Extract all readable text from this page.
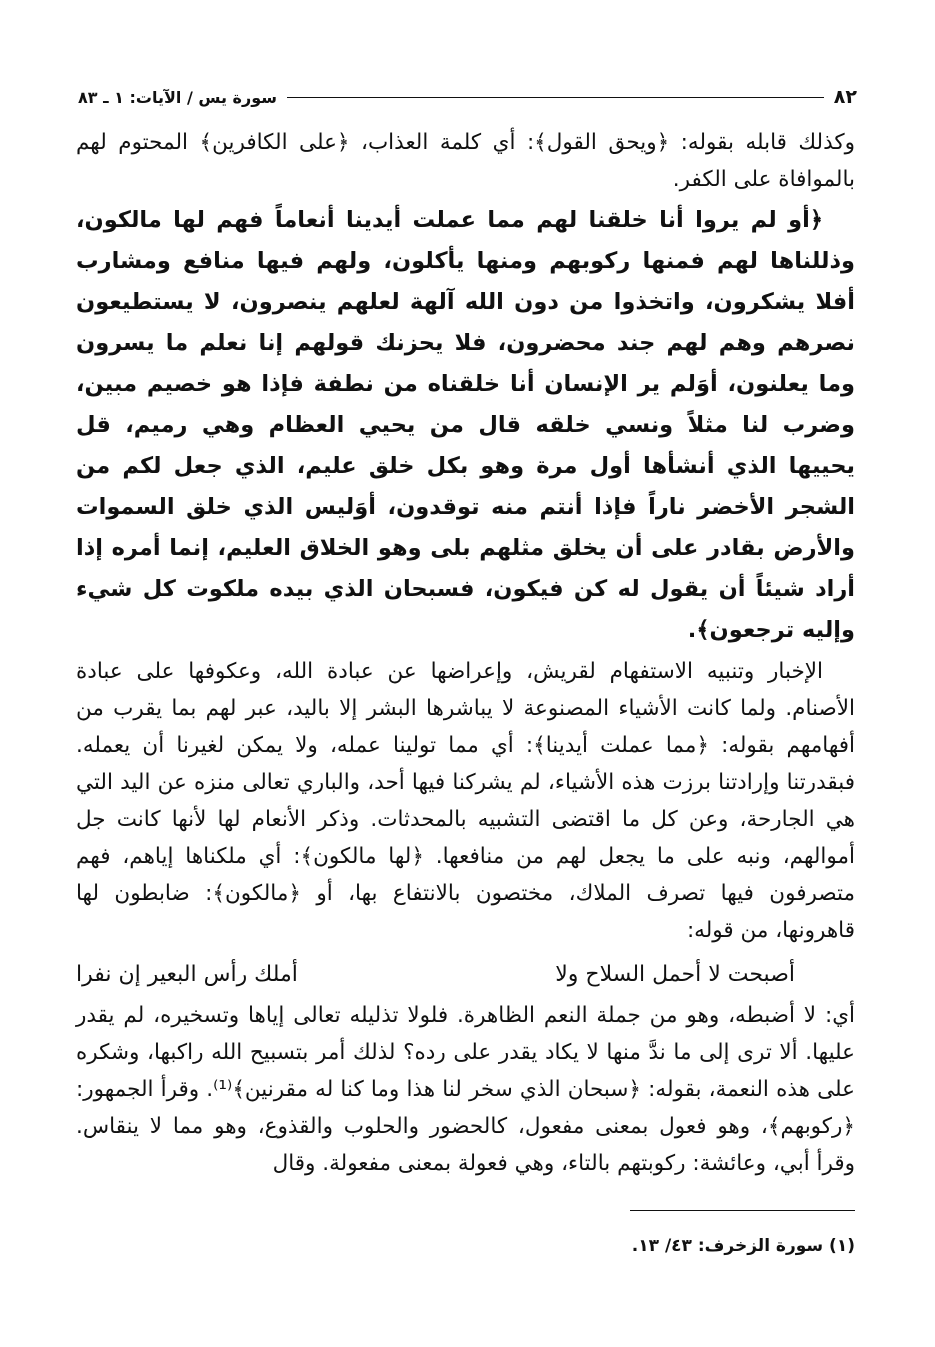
٨٢
سورة يس / الآيات: ١ ـ ٨٣

وكذلك قابله بقوله: ﴿ويحق القول﴾: أي كلمة العذاب، ﴿على الكافرين﴾ المحتوم لهم بالموافاة على الكفر.

﴿أو لم يروا أنا خلقنا لهم مما عملت أيدينا أنعاماً فهم لها مالكون، وذللناها لهم فمنها ركوبهم ومنها يأكلون، ولهم فيها منافع ومشارب أفلا يشكرون، واتخذوا من دون الله آلهة لعلهم ينصرون، لا يستطيعون نصرهم وهم لهم جند محضرون، فلا يحزنك قولهم إنا نعلم ما يسرون وما يعلنون، أوَلم ير الإنسان أنا خلقناه من نطفة فإذا هو خصيم مبين، وضرب لنا مثلاً ونسي خلقه قال من يحيي العظام وهي رميم، قل يحييها الذي أنشأها أول مرة وهو بكل خلق عليم، الذي جعل لكم من الشجر الأخضر ناراً فإذا أنتم منه توقدون، أوَليس الذي خلق السموات والأرض بقادر على أن يخلق مثلهم بلى وهو الخلاق العليم، إنما أمره إذا أراد شيئاً أن يقول له كن فيكون، فسبحان الذي بيده ملكوت كل شيء وإليه ترجعون﴾.

الإخبار وتنبيه الاستفهام لقريش، وإعراضها عن عبادة الله، وعكوفها على عبادة الأصنام. ولما كانت الأشياء المصنوعة لا يباشرها البشر إلا باليد، عبر لهم بما يقرب من أفهامهم بقوله: ﴿مما عملت أيدينا﴾: أي مما تولينا عمله، ولا يمكن لغيرنا أن يعمله. فبقدرتنا وإرادتنا برزت هذه الأشياء، لم يشركنا فيها أحد، والباري تعالى منزه عن اليد التي هي الجارحة، وعن كل ما اقتضى التشبيه بالمحدثات. وذكر الأنعام لها لأنها كانت جل أموالهم، ونبه على ما يجعل لهم من منافعها. ﴿لها مالكون﴾: أي ملكناها إياهم، فهم متصرفون فيها تصرف الملاك، مختصون بالانتفاع بها، أو ﴿مالكون﴾: ضابطون لها قاهرونها، من قوله:

أصبحت لا أحمل السلاح ولا
أملك رأس البعير إن نفرا

أي: لا أضبطه، وهو من جملة النعم الظاهرة. فلولا تذليله تعالى إياها وتسخيره، لم يقدر عليها. ألا ترى إلى ما ندَّ منها لا يكاد يقدر على رده؟ لذلك أمر بتسبيح الله راكبها، وشكره على هذه النعمة، بقوله: ﴿سبحان الذي سخر لنا هذا وما كنا له مقرنين﴾⁽¹⁾. وقرأ الجمهور: ﴿ركوبهم﴾، وهو فعول بمعنى مفعول، كالحضور والحلوب والقذوع، وهو مما لا ينقاس. وقرأ أبي، وعائشة: ركوبتهم بالتاء، وهي فعولة بمعنى مفعولة. وقال

(١) سورة الزخرف: ٤٣/ ١٣.
